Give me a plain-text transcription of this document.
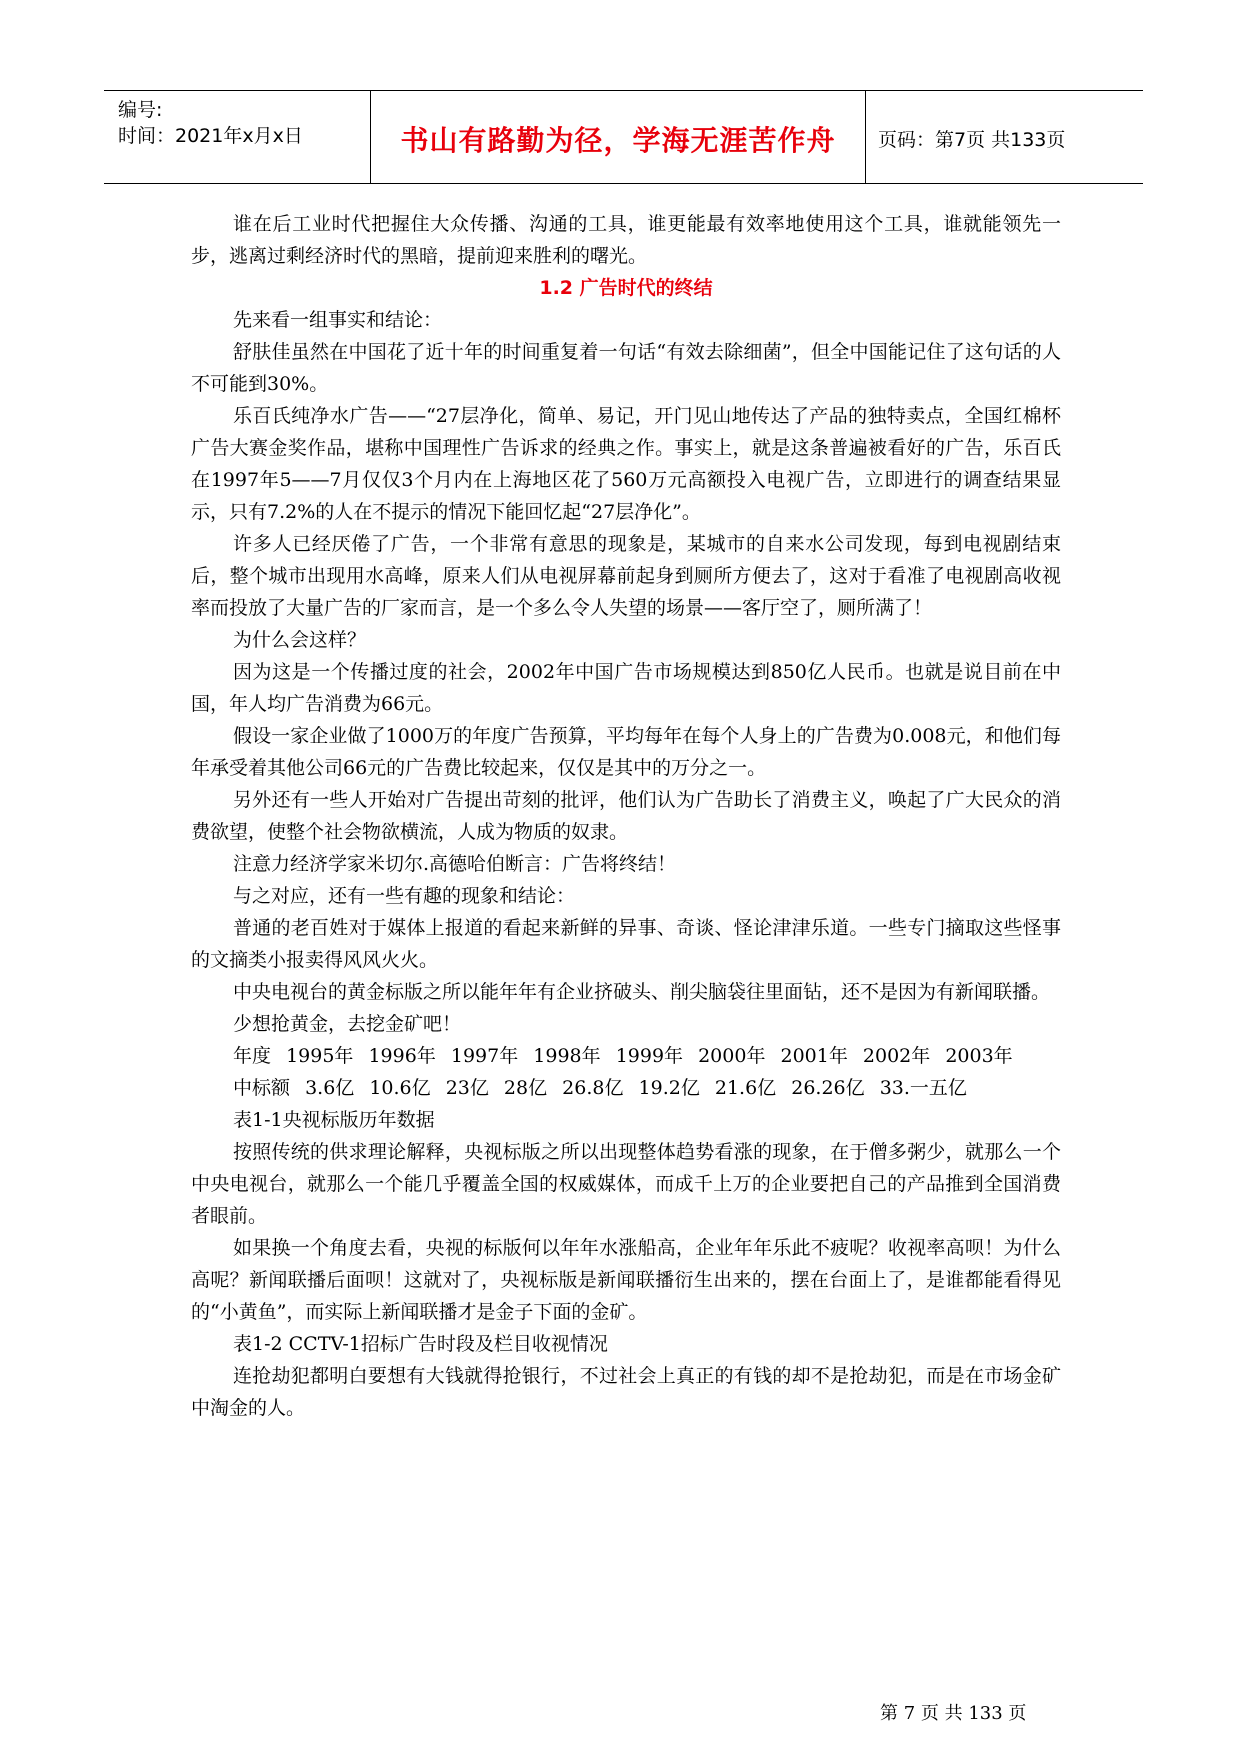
编号:
时间：2021年x月x日	书山有路勤为径，学海无涯苦作舟	页码：第7页 共133页

谁在后工业时代把握住大众传播、沟通的工具，谁更能最有效率地使用这个工具，谁就能领先一步，逃离过剩经济时代的黑暗，提前迎来胜利的曙光。

1.2 广告时代的终结

先来看一组事实和结论：

舒肤佳虽然在中国花了近十年的时间重复着一句话“有效去除细菌”，但全中国能记住了这句话的人不可能到30%。

乐百氏纯净水广告——“27层净化，简单、易记，开门见山地传达了产品的独特卖点，全国红棉杯广告大赛金奖作品，堪称中国理性广告诉求的经典之作。事实上，就是这条普遍被看好的广告，乐百氏在1997年5——7月仅仅3个月内在上海地区花了560万元高额投入电视广告，立即进行的调查结果显示，只有7.2%的人在不提示的情况下能回忆起“27层净化”。

许多人已经厌倦了广告，一个非常有意思的现象是，某城市的自来水公司发现，每到电视剧结束后，整个城市出现用水高峰，原来人们从电视屏幕前起身到厕所方便去了，这对于看准了电视剧高收视率而投放了大量广告的厂家而言，是一个多么令人失望的场景——客厅空了，厕所满了！

为什么会这样？

因为这是一个传播过度的社会，2002年中国广告市场规模达到850亿人民币。也就是说目前在中国，年人均广告消费为66元。

假设一家企业做了1000万的年度广告预算，平均每年在每个人身上的广告费为0.008元，和他们每年承受着其他公司66元的广告费比较起来，仅仅是其中的万分之一。

另外还有一些人开始对广告提出苛刻的批评，他们认为广告助长了消费主义，唤起了广大民众的消费欲望，使整个社会物欲横流，人成为物质的奴隶。

注意力经济学家米切尔.高德哈伯断言：广告将终结！

与之对应，还有一些有趣的现象和结论：

普通的老百姓对于媒体上报道的看起来新鲜的异事、奇谈、怪论津津乐道。一些专门摘取这些怪事的文摘类小报卖得风风火火。

中央电视台的黄金标版之所以能年年有企业挤破头、削尖脑袋往里面钻，还不是因为有新闻联播。

少想抢黄金，去挖金矿吧！

年度 1995年 1996年 1997年 1998年 1999年 2000年 2001年 2002年 2003年
中标额 3.6亿 10.6亿 23亿 28亿 26.8亿 19.2亿 21.6亿 26.26亿 33.一五亿

表1-1央视标版历年数据

按照传统的供求理论解释，央视标版之所以出现整体趋势看涨的现象，在于僧多粥少，就那么一个中央电视台，就那么一个能几乎覆盖全国的权威媒体，而成千上万的企业要把自己的产品推到全国消费者眼前。

如果换一个角度去看，央视的标版何以年年水涨船高，企业年年乐此不疲呢？收视率高呗！为什么高呢？新闻联播后面呗！这就对了，央视标版是新闻联播衍生出来的，摆在台面上了，是谁都能看得见的“小黄鱼”，而实际上新闻联播才是金子下面的金矿。

表1-2 CCTV-1招标广告时段及栏目收视情况

连抢劫犯都明白要想有大钱就得抢银行，不过社会上真正的有钱的却不是抢劫犯，而是在市场金矿中淘金的人。

第 7 页 共 133 页
